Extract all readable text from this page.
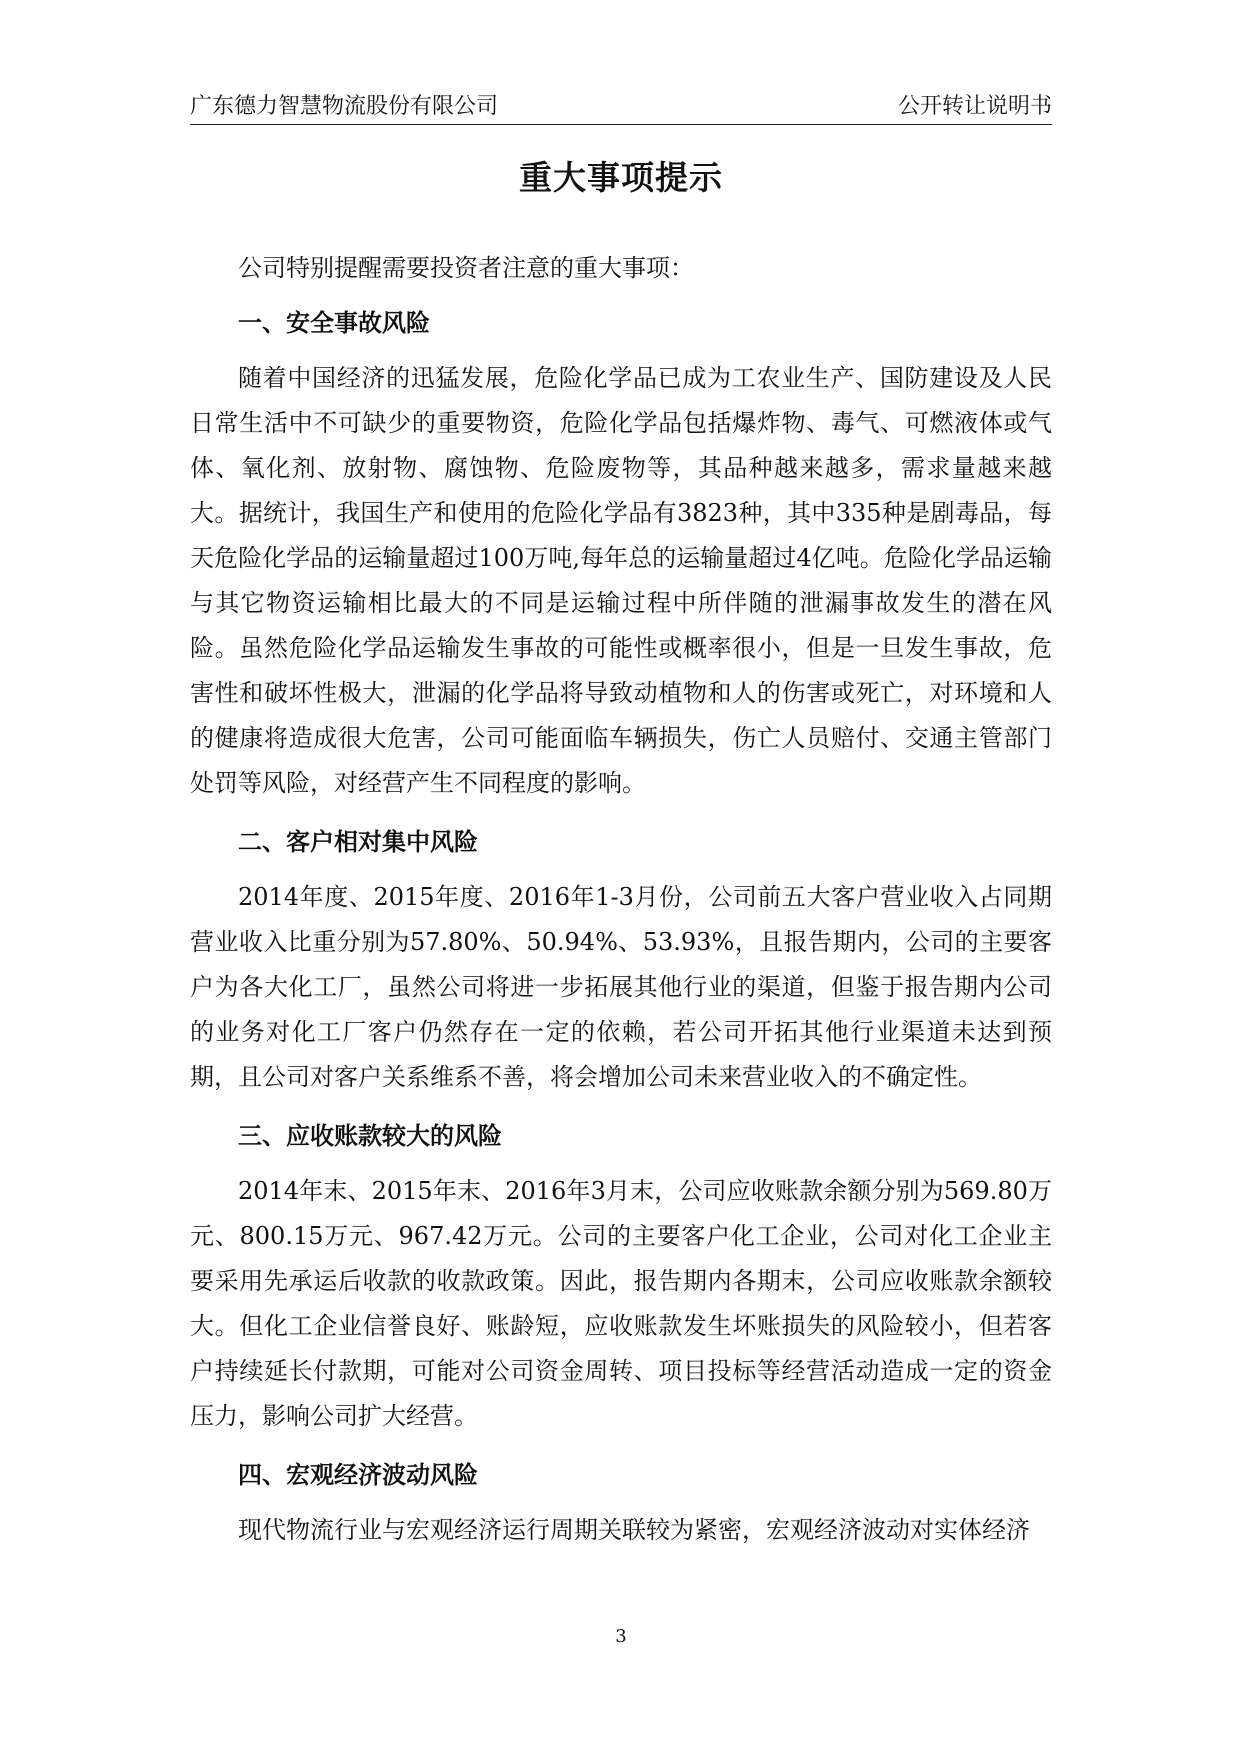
广东德力智慧物流股份有限公司	公开转让说明书
重大事项提示

公司特别提醒需要投资者注意的重大事项：

一、安全事故风险

随着中国经济的迅猛发展，危险化学品已成为工农业生产、国防建设及人民日常生活中不可缺少的重要物资，危险化学品包括爆炸物、毒气、可燃液体或气体、氧化剂、放射物、腐蚀物、危险废物等，其品种越来越多，需求量越来越大。据统计，我国生产和使用的危险化学品有3823种，其中335种是剧毒品，每天危险化学品的运输量超过100万吨,每年总的运输量超过4亿吨。危险化学品运输与其它物资运输相比最大的不同是运输过程中所伴随的泄漏事故发生的潜在风险。虽然危险化学品运输发生事故的可能性或概率很小，但是一旦发生事故，危害性和破坏性极大，泄漏的化学品将导致动植物和人的伤害或死亡，对环境和人的健康将造成很大危害，公司可能面临车辆损失，伤亡人员赔付、交通主管部门处罚等风险，对经营产生不同程度的影响。

二、客户相对集中风险

2014年度、2015年度、2016年1-3月份，公司前五大客户营业收入占同期营业收入比重分别为57.80%、50.94%、53.93%，且报告期内，公司的主要客户为各大化工厂，虽然公司将进一步拓展其他行业的渠道，但鉴于报告期内公司的业务对化工厂客户仍然存在一定的依赖，若公司开拓其他行业渠道未达到预期，且公司对客户关系维系不善，将会增加公司未来营业收入的不确定性。

三、应收账款较大的风险

2014年末、2015年末、2016年3月末，公司应收账款余额分别为569.80万元、800.15万元、967.42万元。公司的主要客户化工企业，公司对化工企业主要采用先承运后收款的收款政策。因此，报告期内各期末，公司应收账款余额较大。但化工企业信誉良好、账龄短，应收账款发生坏账损失的风险较小，但若客户持续延长付款期，可能对公司资金周转、项目投标等经营活动造成一定的资金压力，影响公司扩大经营。

四、宏观经济波动风险

现代物流行业与宏观经济运行周期关联较为紧密，宏观经济波动对实体经济

3
